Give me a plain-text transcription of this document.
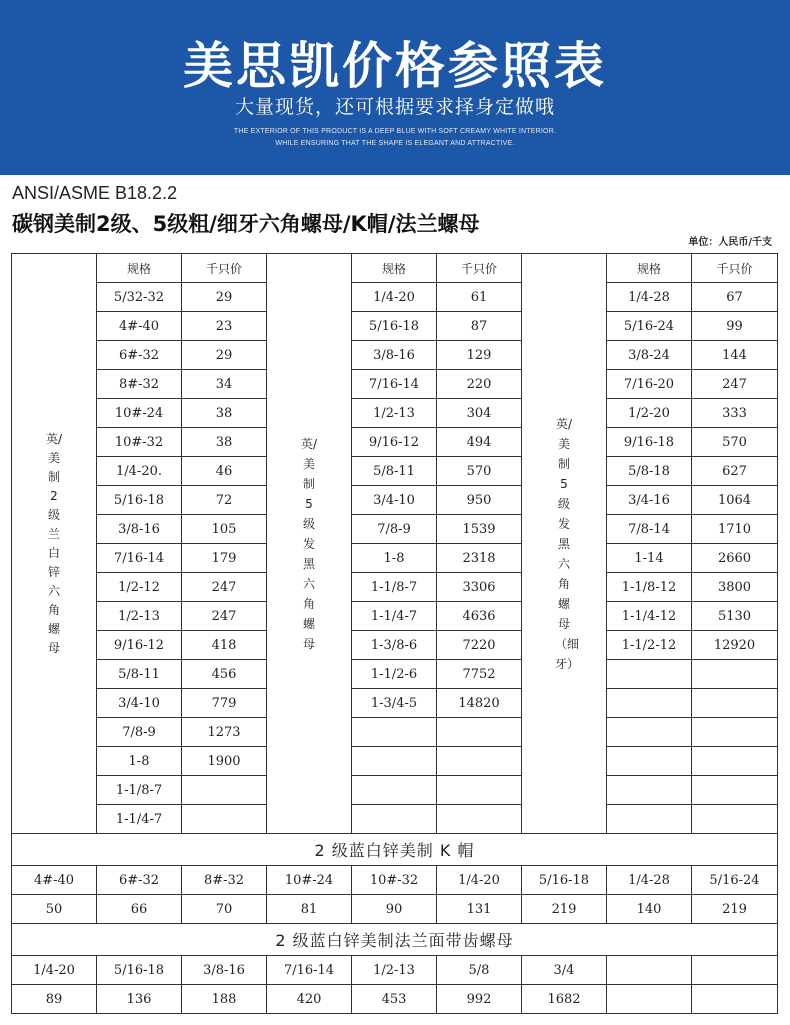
美思凯价格参照表
大量现货，还可根据要求择身定做哦
THE EXTERIOR OF THIS PRODUCT IS A DEEP BLUE WITH SOFT CREAMY WHITE INTERIOR.
WHILE ENSURING THAT THE SHAPE IS ELEGANT AND ATTRACTIVE.
ANSI/ASME B18.2.2
碳钢美制2级、5级粗/细牙六角螺母/K帽/法兰螺母
单位：人民币/千支
英/美制2级兰白锌六角螺母	规格	千只价	英/美制5级发黑六角螺母	规格	千只价	英/美制5级发黑六角螺母（细牙）	规格	千只价
	5/32-32	29		1/4-20	61		1/4-28	67
	4#-40	23		5/16-18	87		5/16-24	99
	6#-32	29		3/8-16	129		3/8-24	144
	8#-32	34		7/16-14	220		7/16-20	247
	10#-24	38		1/2-13	304		1/2-20	333
	10#-32	38		9/16-12	494		9/16-18	570
	1/4-20.	46		5/8-11	570		5/8-18	627
	5/16-18	72		3/4-10	950		3/4-16	1064
	3/8-16	105		7/8-9	1539		7/8-14	1710
	7/16-14	179		1-8	2318		1-14	2660
	1/2-12	247		1-1/8-7	3306		1-1/8-12	3800
	1/2-13	247		1-1/4-7	4636		1-1/4-12	5130
	9/16-12	418		1-3/8-6	7220		1-1/2-12	12920
	5/8-11	456		1-1/2-6	7752			
	3/4-10	779		1-3/4-5	14820			
	7/8-9	1273						
	1-8	1900						
	1-1/8-7							
	1-1/4-7							
2 级蓝白锌美制 K 帽								
4#-40	6#-32	8#-32	10#-24	10#-32	1/4-20	5/16-18	1/4-28	5/16-24
50	66	70	81	90	131	219	140	219
2 级蓝白锌美制法兰面带齿螺母								
1/4-20	5/16-18	3/8-16	7/16-14	1/2-13	5/8	3/4		
89	136	188	420	453	992	1682		
